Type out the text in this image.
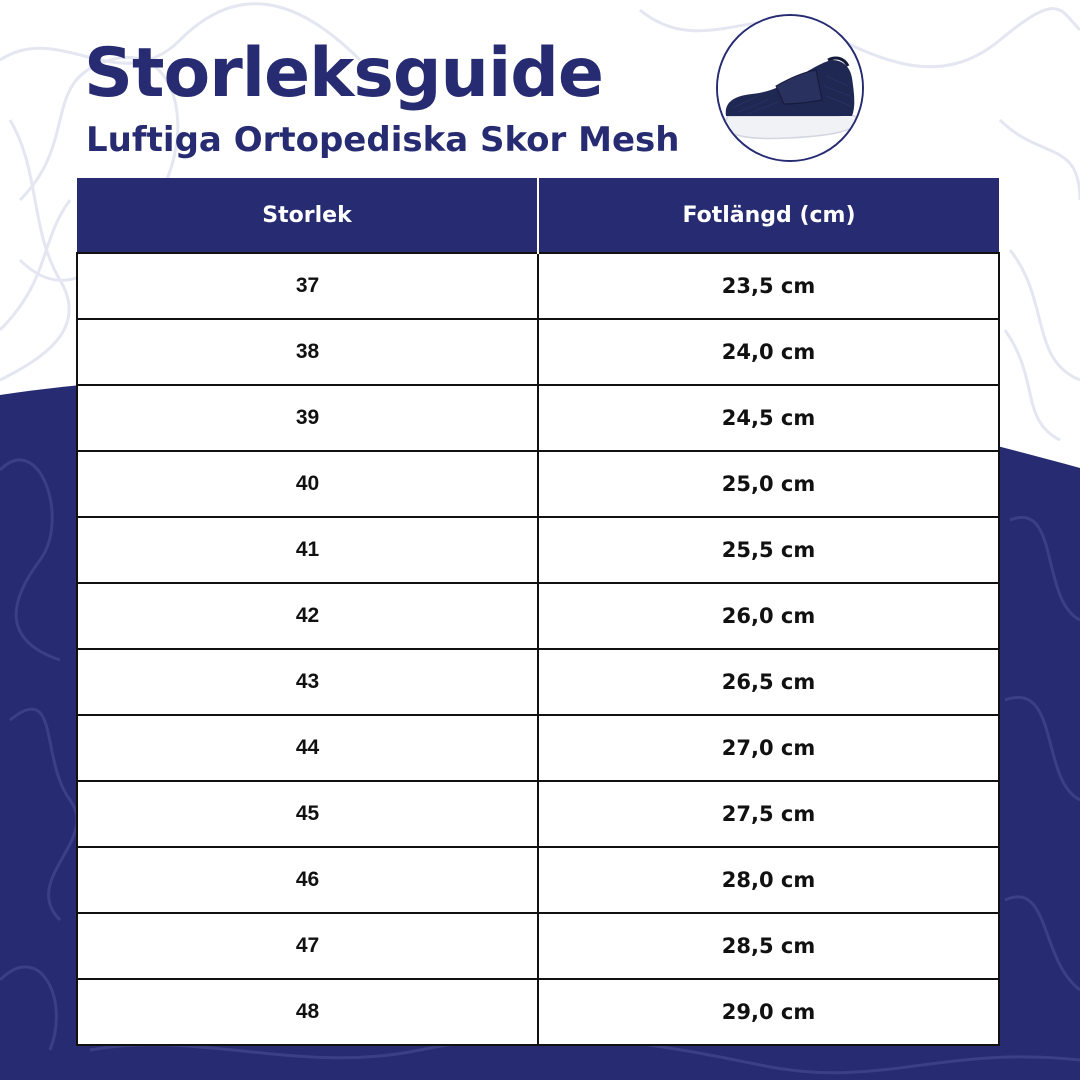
Storleksguide
Luftiga Ortopediska Skor Mesh
Storlek	Fotlängd (cm)
37	23,5 cm
38	24,0 cm
39	24,5 cm
40	25,0 cm
41	25,5 cm
42	26,0 cm
43	26,5 cm
44	27,0 cm
45	27,5 cm
46	28,0 cm
47	28,5 cm
48	29,0 cm
